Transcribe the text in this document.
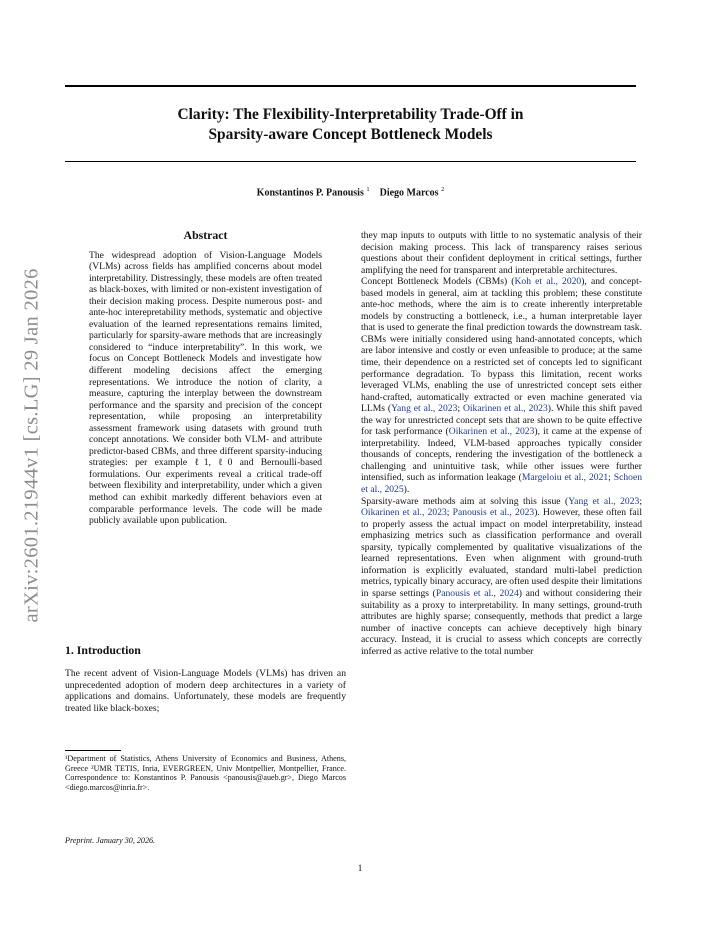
Clarity: The Flexibility-Interpretability Trade-Off in
Sparsity-aware Concept Bottleneck Models
Konstantinos P. Panousis $^1$ Diego Marcos $^2$
arXiv:2601.21944v1 [cs.LG] 29 Jan 2026
Abstract

The widespread adoption of Vision-Language Models (VLMs) across fields has amplified concerns about model interpretability. Distressingly, these models are often treated as black-boxes, with limited or non-existent investigation of their decision making process. Despite numerous post- and ante-hoc interepretability methods, systematic and objective evaluation of the learned representations remains limited, particularly for sparsity-aware methods that are increasingly considered to “induce interpretability”. In this work, we focus on Concept Bottleneck Models and investigate how different modeling decisions affect the emerging representations. We introduce the notion of clarity, a measure, capturing the interplay between the downstream performance and the sparsity and precision of the concept representation, while proposing an interpretability assessment framework using datasets with ground truth concept annotations. We consider both VLM- and attribute predictor-based CBMs, and three different sparsity-inducing strategies: per example ℓ1, ℓ0 and Bernoulli-based formulations. Our experiments reveal a critical trade-off between flexibility and interpretability, under which a given method can exhibit markedly different behaviors even at comparable performance levels. The code will be made publicly available upon publication.

1. Introduction

The recent advent of Vision-Language Models (VLMs) has driven an unprecedented adoption of modern deep architectures in a variety of applications and domains. Unfortunately, these models are frequently treated like black-boxes;

¹Department of Statistics, Athens University of Economics and Business, Athens, Greece ²UMR TETIS, Inria, EVERGREEN, Univ Montpellier, Montpellier, France. Correspondence to: Konstantinos P. Panousis <panousis@aueb.gr>, Diego Marcos <diego.marcos@inria.fr>.

Preprint. January 30, 2026.

they map inputs to outputs with little to no systematic analysis of their decision making process. This lack of transparency raises serious questions about their confident deployment in critical settings, further amplifying the need for transparent and interpretable architectures.

Concept Bottleneck Models (CBMs) (Koh et al., 2020), and concept-based models in general, aim at tackling this problem; these constitute ante-hoc methods, where the aim is to create inherently interpretable models by constructing a bottleneck, i.e., a human interpretable layer that is used to generate the final prediction towards the downstream task. CBMs were initially considered using hand-annotated concepts, which are labor intensive and costly or even unfeasible to produce; at the same time, their dependence on a restricted set of concepts led to significant performance degradation. To bypass this limitation, recent works leveraged VLMs, enabling the use of unrestricted concept sets either hand-crafted, automatically extracted or even machine generated via LLMs (Yang et al., 2023; Oikarinen et al., 2023). While this shift paved the way for unrestricted concept sets that are shown to be quite effective for task performance (Oikarinen et al., 2023), it came at the expense of interpretability. Indeed, VLM-based approaches typically consider thousands of concepts, rendering the investigation of the bottleneck a challenging and unintuitive task, while other issues were further intensified, such as information leakage (Margeloiu et al., 2021; Schoen et al., 2025).

Sparsity-aware methods aim at solving this issue (Yang et al., 2023; Oikarinen et al., 2023; Panousis et al., 2023). However, these often fail to properly assess the actual impact on model interpretability, instead emphasizing metrics such as classification performance and overall sparsity, typically complemented by qualitative visualizations of the learned representations. Even when alignment with ground-truth information is explicitly evaluated, standard multi-label prediction metrics, typically binary accuracy, are often used despite their limitations in sparse settings (Panousis et al., 2024) and without considering their suitability as a proxy to interpretability. In many settings, ground-truth attributes are highly sparse; consequently, methods that predict a large number of inactive concepts can achieve deceptively high binary accuracy. Instead, it is crucial to assess which concepts are correctly inferred as active relative to the total number

1
